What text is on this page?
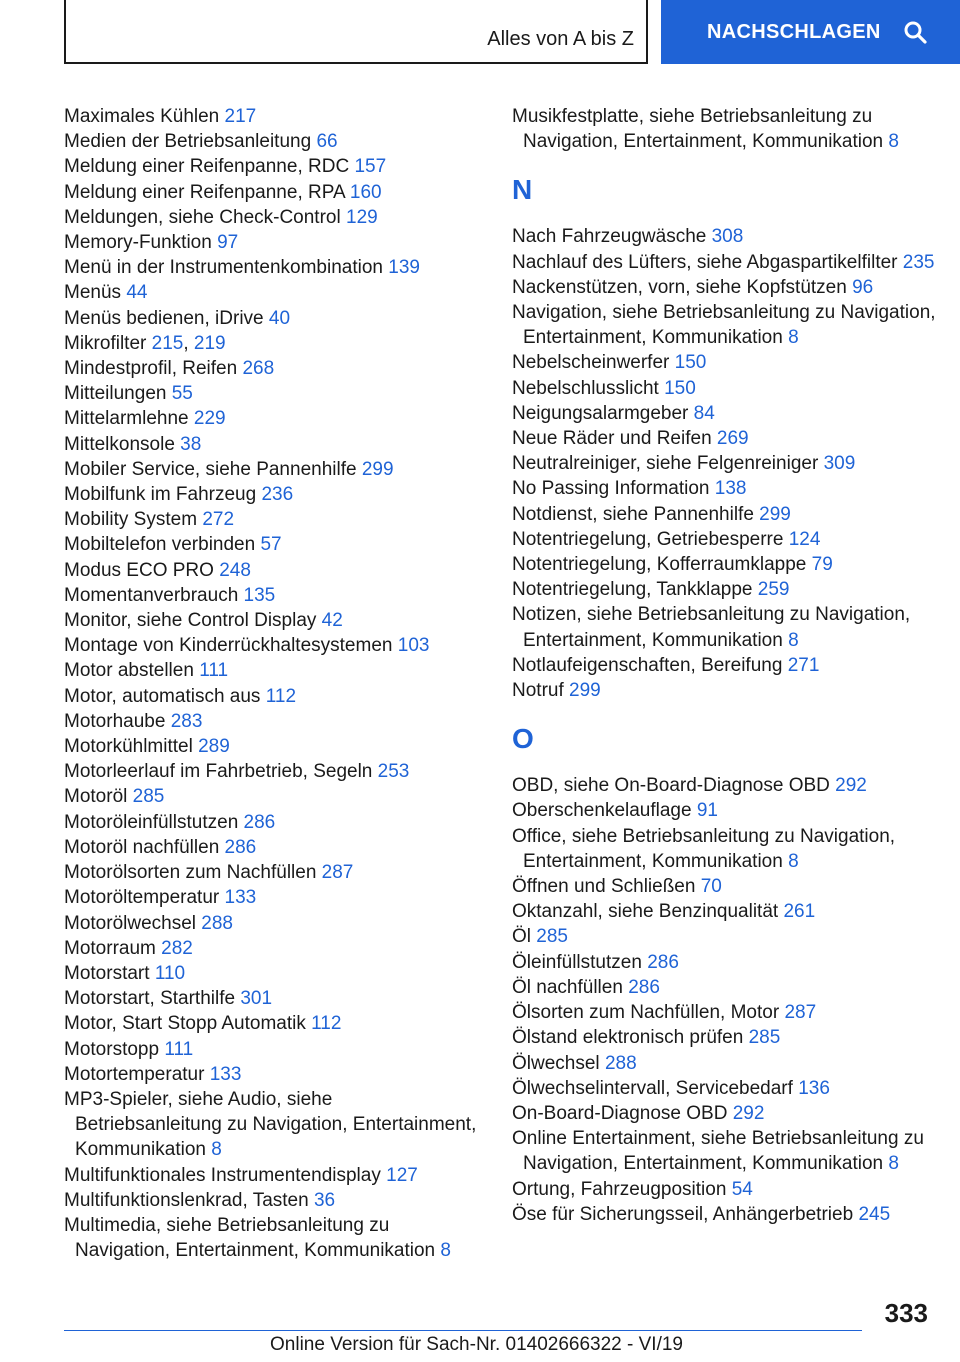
Alles von A bis Z	NACHSCHLAGEN
Maximales Kühlen 217
Medien der Betriebsanleitung 66
Meldung einer Reifenpanne, RDC 157
Meldung einer Reifenpanne, RPA 160
Meldungen, siehe Check-Control 129
Memory-Funktion 97
Menü in der Instrumentenkombination 139
Menüs 44
Menüs bedienen, iDrive 40
Mikrofilter 215, 219
Mindestprofil, Reifen 268
Mitteilungen 55
Mittelarmlehne 229
Mittelkonsole 38
Mobiler Service, siehe Pannenhilfe 299
Mobilfunk im Fahrzeug 236
Mobility System 272
Mobiltelefon verbinden 57
Modus ECO PRO 248
Momentanverbrauch 135
Monitor, siehe Control Display 42
Montage von Kinderrückhaltesystemen 103
Motor abstellen 111
Motor, automatisch aus 112
Motorhaube 283
Motorkühlmittel 289
Motorleerlauf im Fahrbetrieb, Segeln 253
Motoröl 285
Motoröleinfüllstutzen 286
Motoröl nachfüllen 286
Motorölsorten zum Nachfüllen 287
Motoröltemperatur 133
Motorölwechsel 288
Motorraum 282
Motorstart 110
Motorstart, Starthilfe 301
Motor, Start Stopp Automatik 112
Motorstopp 111
Motortemperatur 133
MP3-Spieler, siehe Audio, siehe Betriebsanleitung zu Navigation, Entertainment, Kommunikation 8
Multifunktionales Instrumentendisplay 127
Multifunktionslenkrad, Tasten 36
Multimedia, siehe Betriebsanleitung zu Navigation, Entertainment, Kommunikation 8
Musikfestplatte, siehe Betriebsanleitung zu Navigation, Entertainment, Kommunikation 8
N
Nach Fahrzeugwäsche 308
Nachlauf des Lüfters, siehe Abgaspartikelfilter 235
Nackenstützen, vorn, siehe Kopfstützen 96
Navigation, siehe Betriebsanleitung zu Navigation, Entertainment, Kommunikation 8
Nebelscheinwerfer 150
Nebelschlusslicht 150
Neigungsalarmgeber 84
Neue Räder und Reifen 269
Neutralreiniger, siehe Felgenreiniger 309
No Passing Information 138
Notdienst, siehe Pannenhilfe 299
Notentriegelung, Getriebesperre 124
Notentriegelung, Kofferraumklappe 79
Notentriegelung, Tankklappe 259
Notizen, siehe Betriebsanleitung zu Navigation, Entertainment, Kommunikation 8
Notlaufeigenschaften, Bereifung 271
Notruf 299
O
OBD, siehe On-Board-Diagnose OBD 292
Oberschenkelauflage 91
Office, siehe Betriebsanleitung zu Navigation, Entertainment, Kommunikation 8
Öffnen und Schließen 70
Oktanzahl, siehe Benzinqualität 261
Öl 285
Öleinfüllstutzen 286
Öl nachfüllen 286
Ölsorten zum Nachfüllen, Motor 287
Ölstand elektronisch prüfen 285
Ölwechsel 288
Ölwechselintervall, Servicebedarf 136
On-Board-Diagnose OBD 292
Online Entertainment, siehe Betriebsanleitung zu Navigation, Entertainment, Kommunikation 8
Ortung, Fahrzeugposition 54
Öse für Sicherungsseil, Anhängerbetrieb 245
333
Online Version für Sach-Nr. 01402666322 - VI/19
